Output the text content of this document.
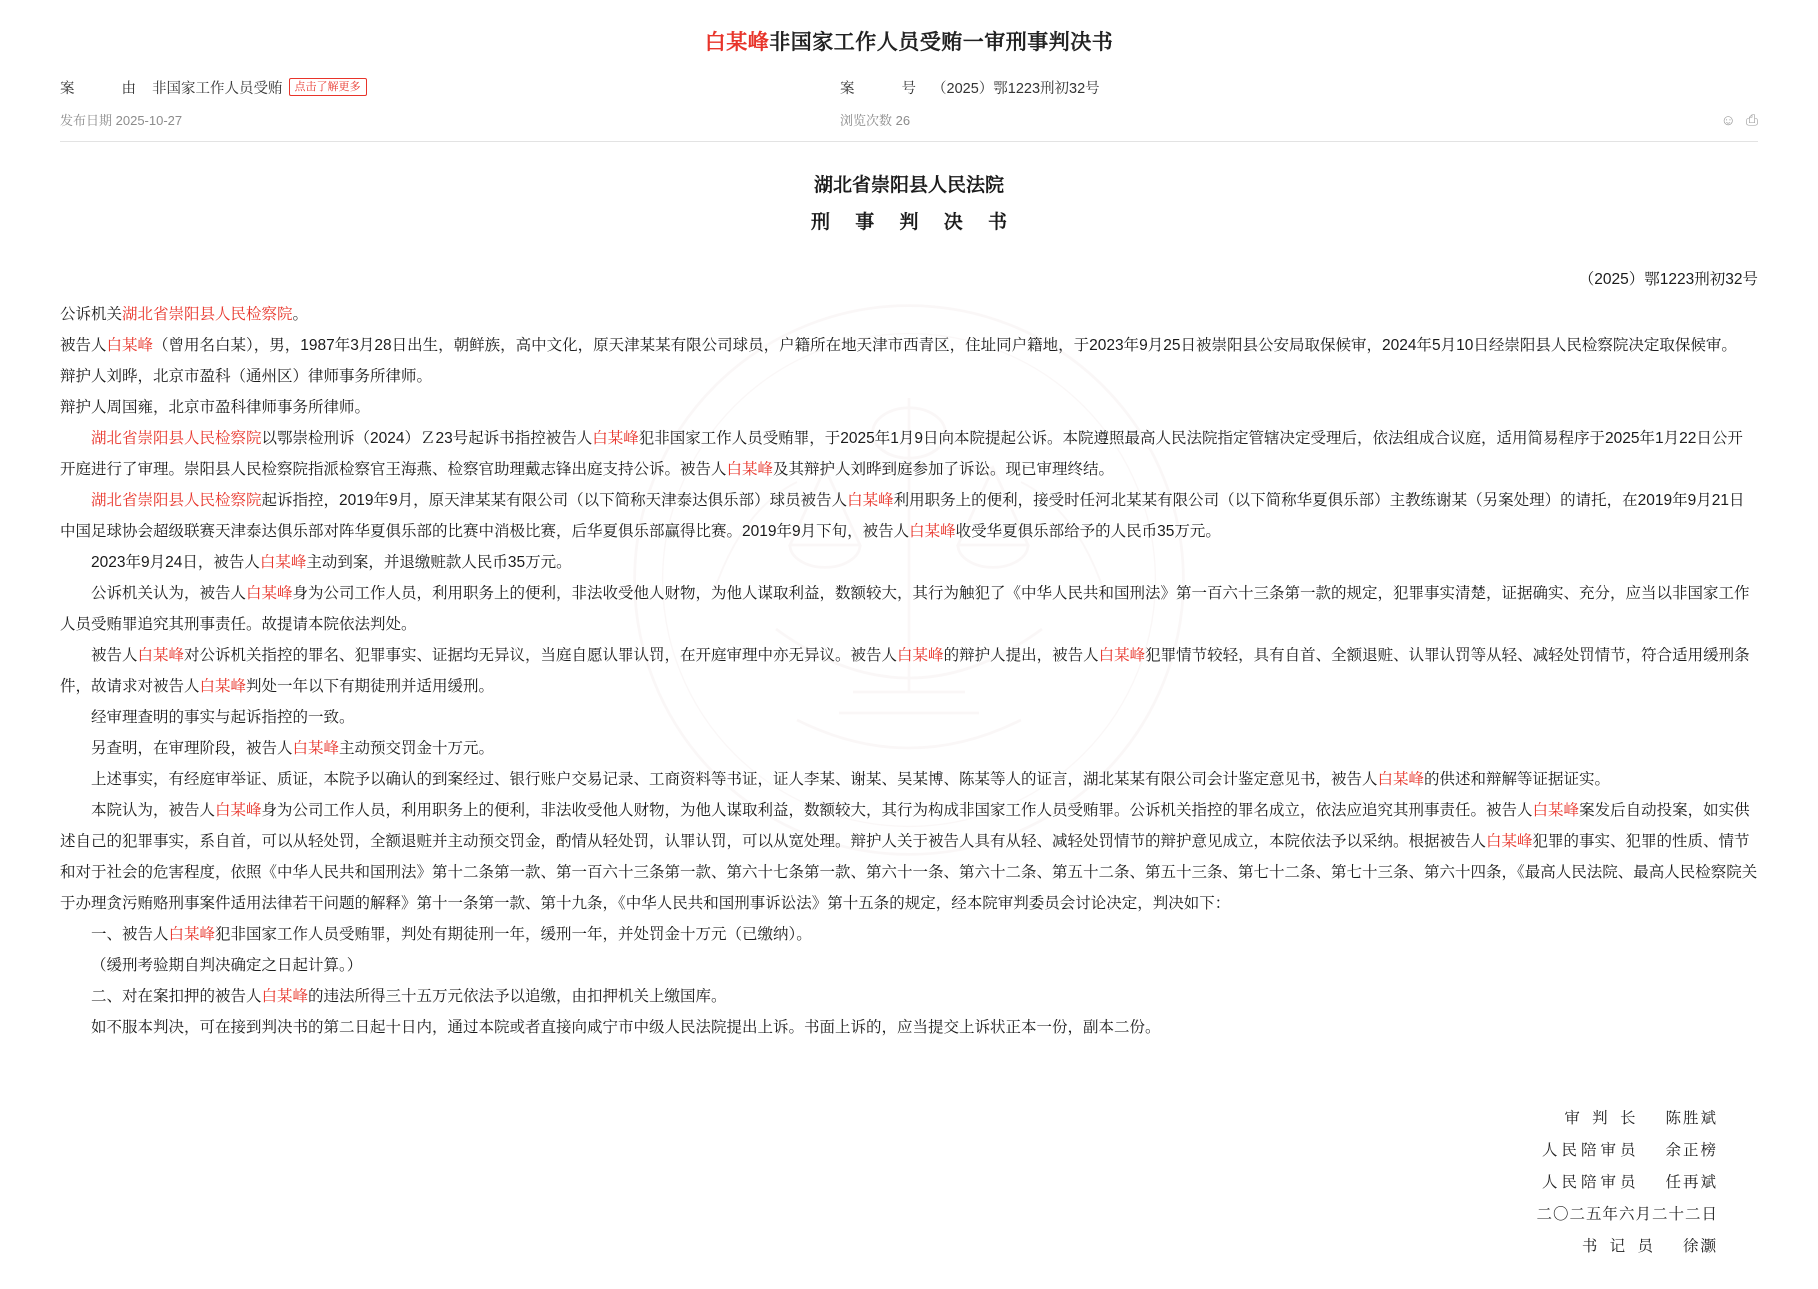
白某峰非国家工作人员受贿一审刑事判决书
案　　由 非国家工作人员受贿	点击了解更多	案　　号 （2025）鄂1223刑初32号
☺ ⎙
发布日期 2025-10-27	浏览次数 26
湖北省崇阳县人民法院
刑 事 判 决 书
（2025）鄂1223刑初32号

公诉机关湖北省崇阳县人民检察院。

被告人白某峰（曾用名白某），男，1987年3月28日出生，朝鲜族，高中文化，原天津某某有限公司球员，户籍所在地天津市西青区，住址同户籍地，于2023年9月25日被崇阳县公安局取保候审，2024年5月10日经崇阳县人民检察院决定取保候审。

辩护人刘晔，北京市盈科（通州区）律师事务所律师。

辩护人周国雍，北京市盈科律师事务所律师。

湖北省崇阳县人民检察院以鄂崇检刑诉（2024）Ｚ23号起诉书指控被告人白某峰犯非国家工作人员受贿罪，于2025年1月9日向本院提起公诉。本院遵照最高人民法院指定管辖决定受理后，依法组成合议庭，适用简易程序于2025年1月22日公开开庭进行了审理。崇阳县人民检察院指派检察官王海燕、检察官助理戴志锋出庭支持公诉。被告人白某峰及其辩护人刘晔到庭参加了诉讼。现已审理终结。

湖北省崇阳县人民检察院起诉指控，2019年9月，原天津某某有限公司（以下简称天津泰达俱乐部）球员被告人白某峰利用职务上的便利，接受时任河北某某有限公司（以下简称华夏俱乐部）主教练谢某（另案处理）的请托，在2019年9月21日中国足球协会超级联赛天津泰达俱乐部对阵华夏俱乐部的比赛中消极比赛，后华夏俱乐部赢得比赛。2019年9月下旬，被告人白某峰收受华夏俱乐部给予的人民币35万元。

2023年9月24日，被告人白某峰主动到案，并退缴赃款人民币35万元。

公诉机关认为，被告人白某峰身为公司工作人员，利用职务上的便利，非法收受他人财物，为他人谋取利益，数额较大，其行为触犯了《中华人民共和国刑法》第一百六十三条第一款的规定，犯罪事实清楚，证据确实、充分，应当以非国家工作人员受贿罪追究其刑事责任。故提请本院依法判处。

被告人白某峰对公诉机关指控的罪名、犯罪事实、证据均无异议，当庭自愿认罪认罚，在开庭审理中亦无异议。被告人白某峰的辩护人提出，被告人白某峰犯罪情节较轻，具有自首、全额退赃、认罪认罚等从轻、减轻处罚情节，符合适用缓刑条件，故请求对被告人白某峰判处一年以下有期徒刑并适用缓刑。

经审理查明的事实与起诉指控的一致。

另查明，在审理阶段，被告人白某峰主动预交罚金十万元。

上述事实，有经庭审举证、质证，本院予以确认的到案经过、银行账户交易记录、工商资料等书证，证人李某、谢某、吴某博、陈某等人的证言，湖北某某有限公司会计鉴定意见书，被告人白某峰的供述和辩解等证据证实。

本院认为，被告人白某峰身为公司工作人员，利用职务上的便利，非法收受他人财物，为他人谋取利益，数额较大，其行为构成非国家工作人员受贿罪。公诉机关指控的罪名成立，依法应追究其刑事责任。被告人白某峰案发后自动投案，如实供述自己的犯罪事实，系自首，可以从轻处罚，全额退赃并主动预交罚金，酌情从轻处罚，认罪认罚，可以从宽处理。辩护人关于被告人具有从轻、减轻处罚情节的辩护意见成立，本院依法予以采纳。根据被告人白某峰犯罪的事实、犯罪的性质、情节和对于社会的危害程度，依照《中华人民共和国刑法》第十二条第一款、第一百六十三条第一款、第六十七条第一款、第六十一条、第六十二条、第五十二条、第五十三条、第七十二条、第七十三条、第六十四条，《最高人民法院、最高人民检察院关于办理贪污贿赂刑事案件适用法律若干问题的解释》第十一条第一款、第十九条，《中华人民共和国刑事诉讼法》第十五条的规定，经本院审判委员会讨论决定，判决如下：

一、被告人白某峰犯非国家工作人员受贿罪，判处有期徒刑一年，缓刑一年，并处罚金十万元（已缴纳）。

（缓刑考验期自判决确定之日起计算。）

二、对在案扣押的被告人白某峰的违法所得三十五万元依法予以追缴，由扣押机关上缴国库。

如不服本判决，可在接到判决书的第二日起十日内，通过本院或者直接向咸宁市中级人民法院提出上诉。书面上诉的，应当提交上诉状正本一份，副本二份。

审 判 长 陈胜斌
人民陪审员 余正榜
人民陪审员 任再斌
二〇二五年六月二十二日
书 记 员 徐灏
